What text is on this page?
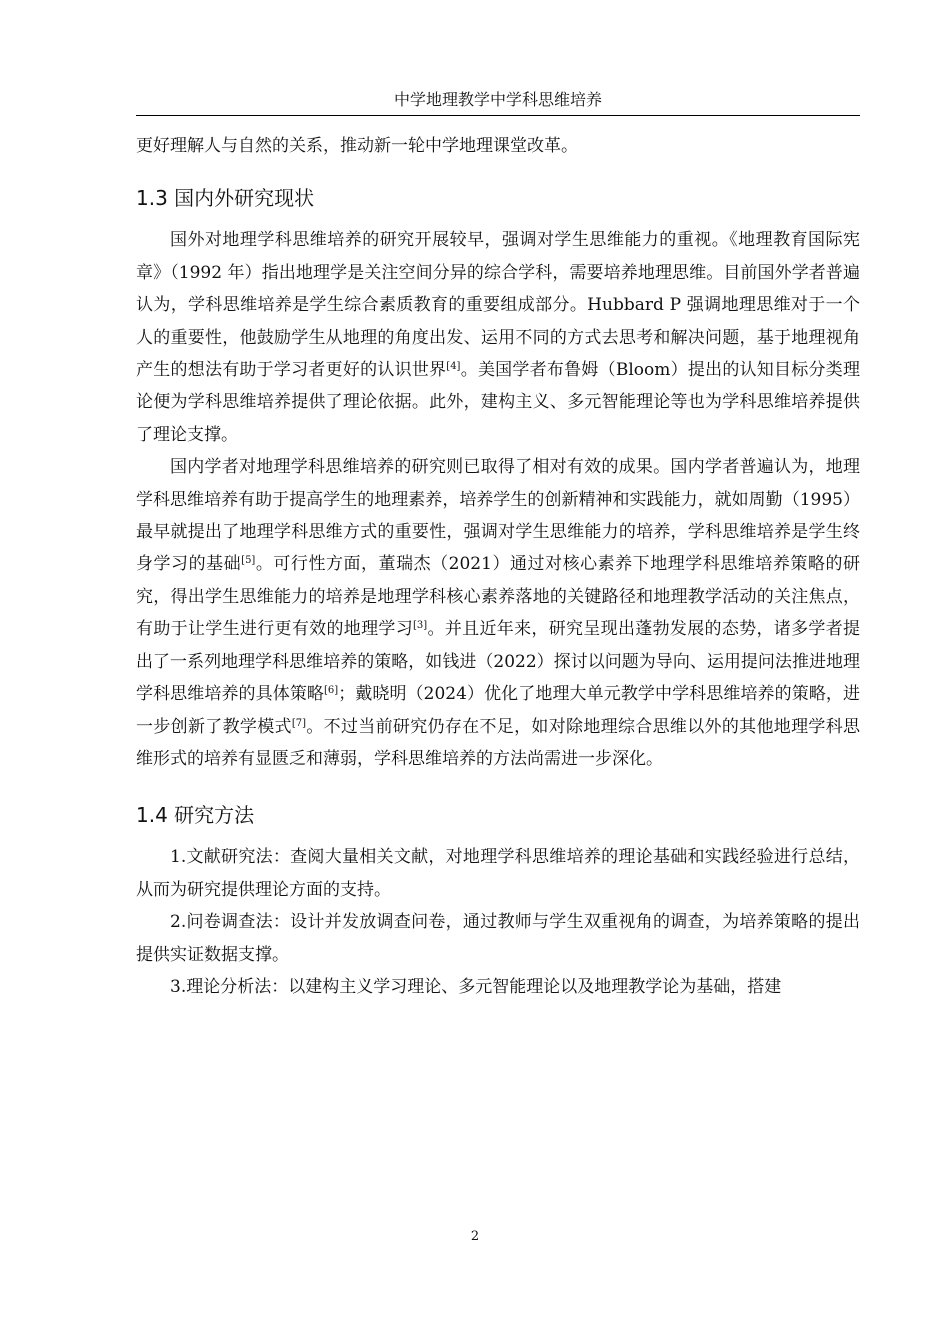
中学地理教学中学科思维培养

更好理解人与自然的关系，推动新一轮中学地理课堂改革。

1.3 国内外研究现状

国外对地理学科思维培养的研究开展较早，强调对学生思维能力的重视。《地理教育国际宪章》（1992 年）指出地理学是关注空间分异的综合学科，需要培养地理思维。目前国外学者普遍认为，学科思维培养是学生综合素质教育的重要组成部分。Hubbard P 强调地理思维对于一个人的重要性，他鼓励学生从地理的角度出发、运用不同的方式去思考和解决问题，基于地理视角产生的想法有助于学习者更好的认识世界[4]。美国学者布鲁姆（Bloom）提出的认知目标分类理论便为学科思维培养提供了理论依据。此外，建构主义、多元智能理论等也为学科思维培养提供了理论支撑。

国内学者对地理学科思维培养的研究则已取得了相对有效的成果。国内学者普遍认为，地理学科思维培养有助于提高学生的地理素养，培养学生的创新精神和实践能力，就如周勤（1995）最早就提出了地理学科思维方式的重要性，强调对学生思维能力的培养，学科思维培养是学生终身学习的基础[5]。可行性方面，董瑞杰（2021）通过对核心素养下地理学科思维培养策略的研究，得出学生思维能力的培养是地理学科核心素养落地的关键路径和地理教学活动的关注焦点，有助于让学生进行更有效的地理学习[3]。并且近年来，研究呈现出蓬勃发展的态势，诸多学者提出了一系列地理学科思维培养的策略，如钱进（2022）探讨以问题为导向、运用提问法推进地理学科思维培养的具体策略[6]；戴晓明（2024）优化了地理大单元教学中学科思维培养的策略，进一步创新了教学模式[7]。不过当前研究仍存在不足，如对除地理综合思维以外的其他地理学科思维形式的培养有显匮乏和薄弱，学科思维培养的方法尚需进一步深化。

1.4 研究方法

1.文献研究法：查阅大量相关文献，对地理学科思维培养的理论基础和实践经验进行总结，从而为研究提供理论方面的支持。

2.问卷调查法：设计并发放调查问卷，通过教师与学生双重视角的调查，为培养策略的提出提供实证数据支撑。

3.理论分析法：以建构主义学习理论、多元智能理论以及地理教学论为基础，搭建

2
